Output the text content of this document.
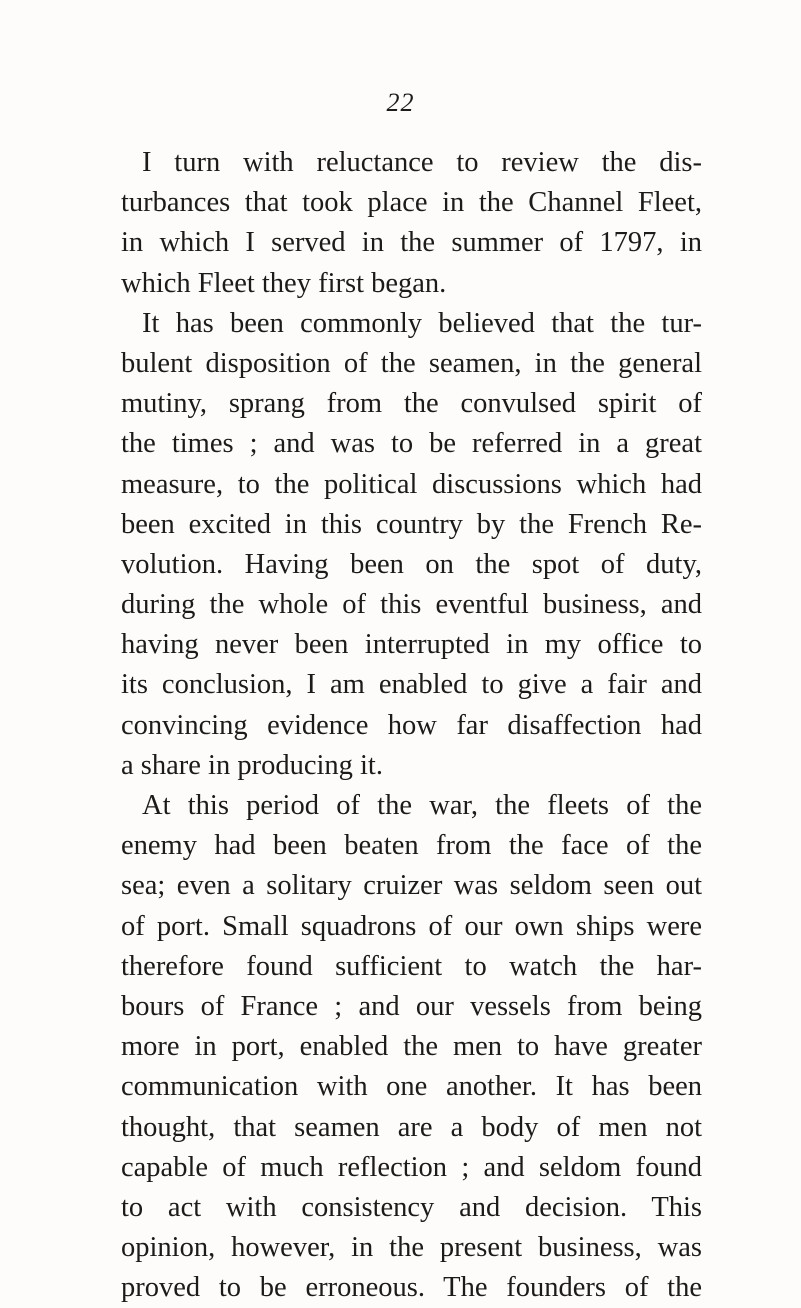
22
I turn with reluctance to review the dis-
turbances that took place in the Channel Fleet,
in which I served in the summer of 1797, in
which Fleet they first began.
It has been commonly believed that the tur-
bulent disposition of the seamen, in the general
mutiny, sprang from the convulsed spirit of
the times ; and was to be referred in a great
measure, to the political discussions which had
been excited in this country by the French Re-
volution. Having been on the spot of duty,
during the whole of this eventful business, and
having never been interrupted in my office to
its conclusion, I am enabled to give a fair and
convincing evidence how far disaffection had
a share in producing it.
At this period of the war, the fleets of the
enemy had been beaten from the face of the
sea; even a solitary cruizer was seldom seen out
of port. Small squadrons of our own ships were
therefore found sufficient to watch the har-
bours of France ; and our vessels from being
more in port, enabled the men to have greater
communication with one another. It has been
thought, that seamen are a body of men not
capable of much reflection ; and seldom found
to act with consistency and decision. This
opinion, however, in the present business, was
proved to be erroneous. The founders of the
